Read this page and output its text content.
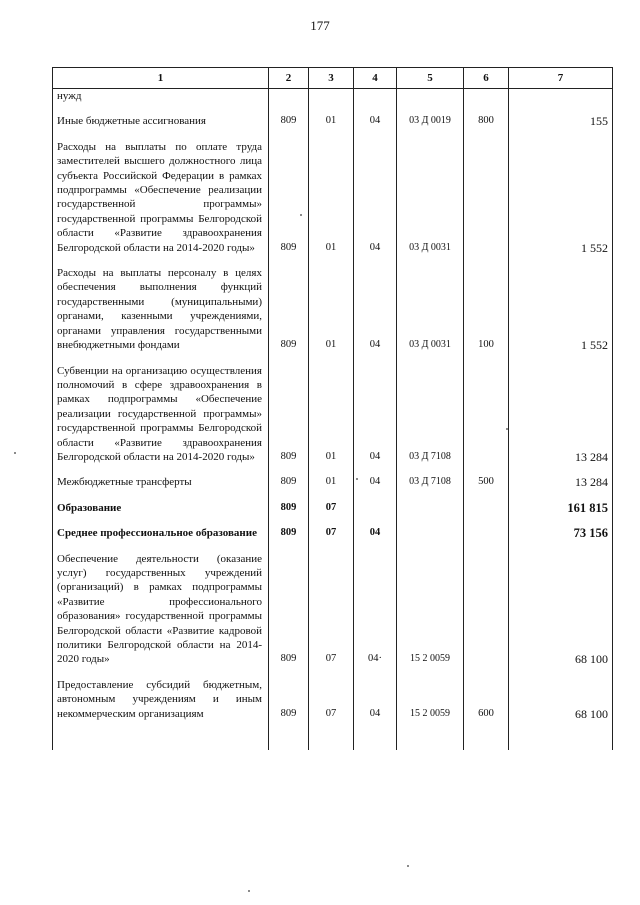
177
1	2	3	4	5	6	7
нужд						
Иные бюджетные ассигнования	809	01	04	03 Д 0019	800	155
Расходы на выплаты по оплате труда заместителей высшего должностного лица субъекта Российской Федерации в рамках подпрограммы «Обеспечение реализации государственной программы» государственной программы Белгородской области «Развитие здравоохранения Белгородской области на 2014-2020 годы»	809	01	04	03 Д 0031		1 552
Расходы на выплаты персоналу в целях обеспечения выполнения функций государственными (муниципальными) органами, казенными учреждениями, органами управления государственными внебюджетными фондами	809	01	04	03 Д 0031	100	1 552
Субвенции на организацию осуществления полномочий в сфере здравоохранения в рамках подпрограммы «Обеспечение реализации государственной программы» государственной программы Белгородской области «Развитие здравоохранения Белгородской области на 2014-2020 годы»	809	01	04	03 Д 7108		13 284
Межбюджетные трансферты	809	01	04	03 Д 7108	500	13 284
Образование	809	07				161 815
Среднее профессиональное образование	809	07	04			73 156
Обеспечение деятельности (оказание услуг) государственных учреждений (организаций) в рамках подпрограммы «Развитие профессионального образования» государственной программы Белгородской области «Развитие кадровой политики Белгородской области на 2014-2020 годы»	809	07	04·	15 2 0059		68 100
Предоставление субсидий бюджетным, автономным учреждениям и иным некоммерческим организациям	809	07	04	15 2 0059	600	68 100
